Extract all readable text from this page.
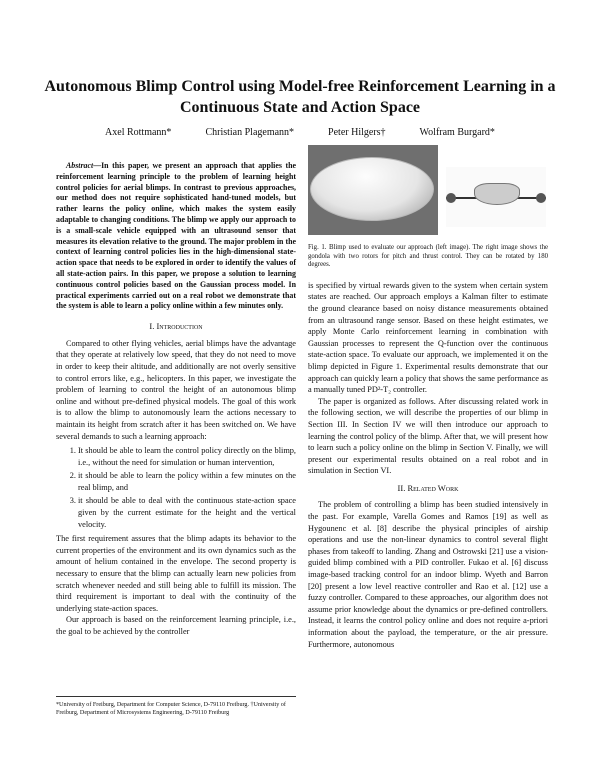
Autonomous Blimp Control using Model-free Reinforcement Learning in a Continuous State and Action Space
Axel Rottmann*	Christian Plagemann*	Peter Hilgers†	Wolfram Burgard*

Abstract—In this paper, we present an approach that applies the reinforcement learning principle to the problem of learning height control policies for aerial blimps. In contrast to previous approaches, our method does not require sophisticated hand-tuned models, but rather learns the policy online, which makes the system easily adaptable to changing conditions. The blimp we apply our approach to is a small-scale vehicle equipped with an ultrasound sensor that measures its elevation relative to the ground. The major problem in the context of learning control policies lies in the high-dimensional state-action space that needs to be explored in order to identify the values of all state-action pairs. In this paper, we propose a solution to learning continuous control policies based on the Gaussian process model. In practical experiments carried out on a real robot we demonstrate that the system is able to learn a policy online within a few minutes only.

I. Introduction

Compared to other flying vehicles, aerial blimps have the advantage that they operate at relatively low speed, that they do not need to move in order to keep their altitude, and additionally are not overly sensitive to control errors like, e.g., helicopters. In this paper, we investigate the problem of learning to control the height of an autonomous blimp online and without pre-defined physical models. The goal of this work is to allow the blimp to autonomously learn the actions necessary to maintain its height from scratch after it has been switched on. We have several demands to such a learning approach:

1. It should be able to learn the control policy directly on the blimp, i.e., without the need for simulation or human intervention,
2. it should be able to learn the policy within a few minutes on the real blimp, and
3. it should be able to deal with the continuous state-action space given by the current estimate for the height and the vertical velocity.

The first requirement assures that the blimp adapts its behavior to the current properties of the environment and its own dynamics such as the amount of helium contained in the envelope. The second property is necessary to ensure that the blimp can actually learn new policies from scratch whenever needed and still being able to fulfill its mission. The third requirement is important to deal with the continuity of the underlying state-action spaces.

Our approach is based on the reinforcement learning principle, i.e., the goal to be achieved by the controller

*University of Freiburg, Department for Computer Science, D-79110 Freiburg. †University of Freiburg, Department of Microsystems Engineering, D-79110 Freiburg
Fig. 1. Blimp used to evaluate our approach (left image). The right image shows the gondola with two rotors for pitch and thrust control. They can be rotated by 180 degrees.

is specified by virtual rewards given to the system when certain system states are reached. Our approach employs a Kalman filter to estimate the ground clearance based on noisy distance measurements obtained from an ultrasound range sensor. Based on these height estimates, we apply Monte Carlo reinforcement learning in combination with Gaussian processes to represent the Q-function over the continuous state-action space. To evaluate our approach, we implemented it on the blimp depicted in Figure 1. Experimental results demonstrate that our approach can quickly learn a policy that shows the same performance as a manually tuned PD²-T₂ controller.

The paper is organized as follows. After discussing related work in the following section, we will describe the properties of our blimp in Section III. In Section IV we will then introduce our approach to learning the control policy of the blimp. After that, we will present how to learn such a policy online on the blimp in Section V. Finally, we will present our experimental results obtained on a real robot and in simulation in Section VI.

II. Related Work

The problem of controlling a blimp has been studied intensively in the past. For example, Varella Gomes and Ramos [19] as well as Hygounenc et al. [8] describe the physical principles of airship operations and use the non-linear dynamics to control several flight phases from takeoff to landing. Zhang and Ostrowski [21] use a vision-guided blimp combined with a PID controller. Fukao et al. [6] discuss image-based tracking control for an indoor blimp. Wyeth and Barron [20] present a low level reactive controller and Rao et al. [12] use a fuzzy controller. Compared to these approaches, our algorithm does not assume prior knowledge about the dynamics or pre-defined controllers. Instead, it learns the control policy online and does not require a-priori information about the payload, the temperature, or the air pressure. Furthermore, autonomous
